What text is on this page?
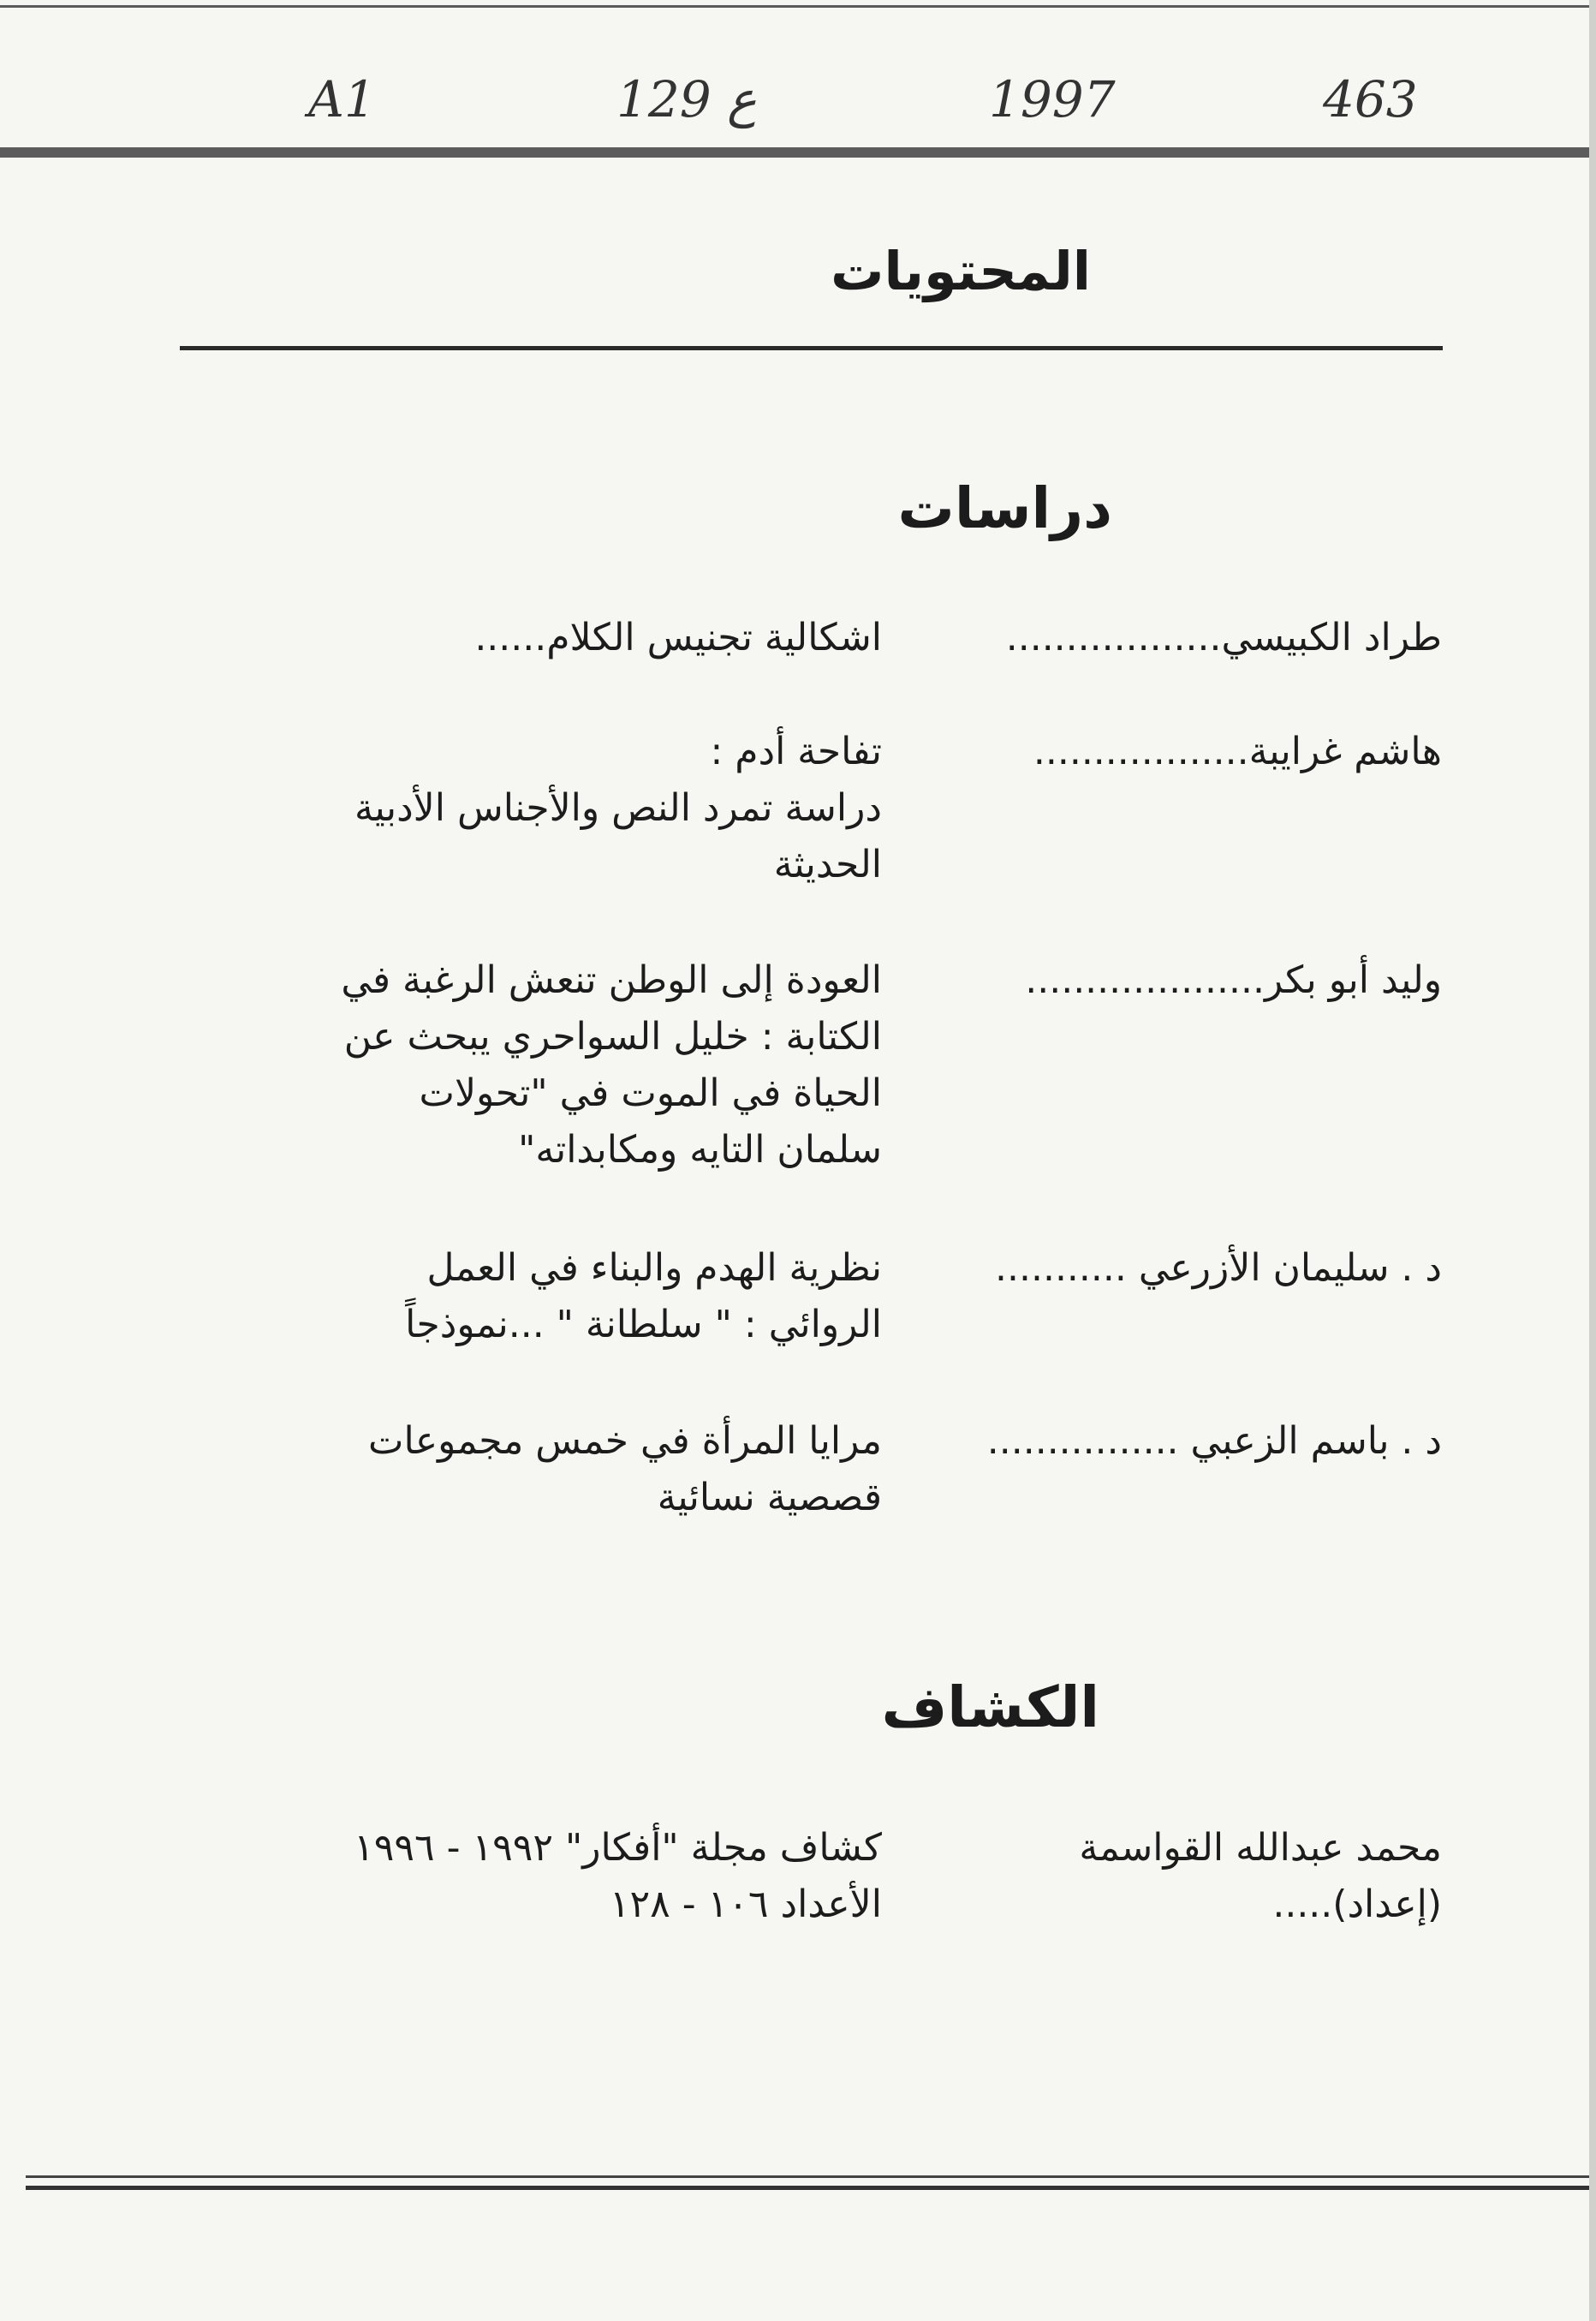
A1	129 ع	1997	463
المحتويات
دراسات
طراد الكبيسي..................
اشكالية تجنيس الكلام......
هاشم غرايبة..................
تفاحة أدم :
دراسة تمرد النص والأجناس الأدبية
الحديثة
وليد أبو بكر....................
العودة إلى الوطن تنعش الرغبة في
الكتابة : خليل السواحري يبحث عن
الحياة في الموت في "تحولات
سلمان التايه ومكابداته"
د . سليمان الأزرعي ...........
نظرية الهدم والبناء في العمل
الروائي : " سلطانة " ...نموذجاً
د . باسم الزعبي ................
مرايا المرأة في خمس مجموعات
قصصية نسائية
الكشاف
محمد عبدالله القواسمة
(إعداد).....
كشاف مجلة "أفكار" ١٩٩٢ - ١٩٩٦
الأعداد ١٠٦ - ١٢٨
